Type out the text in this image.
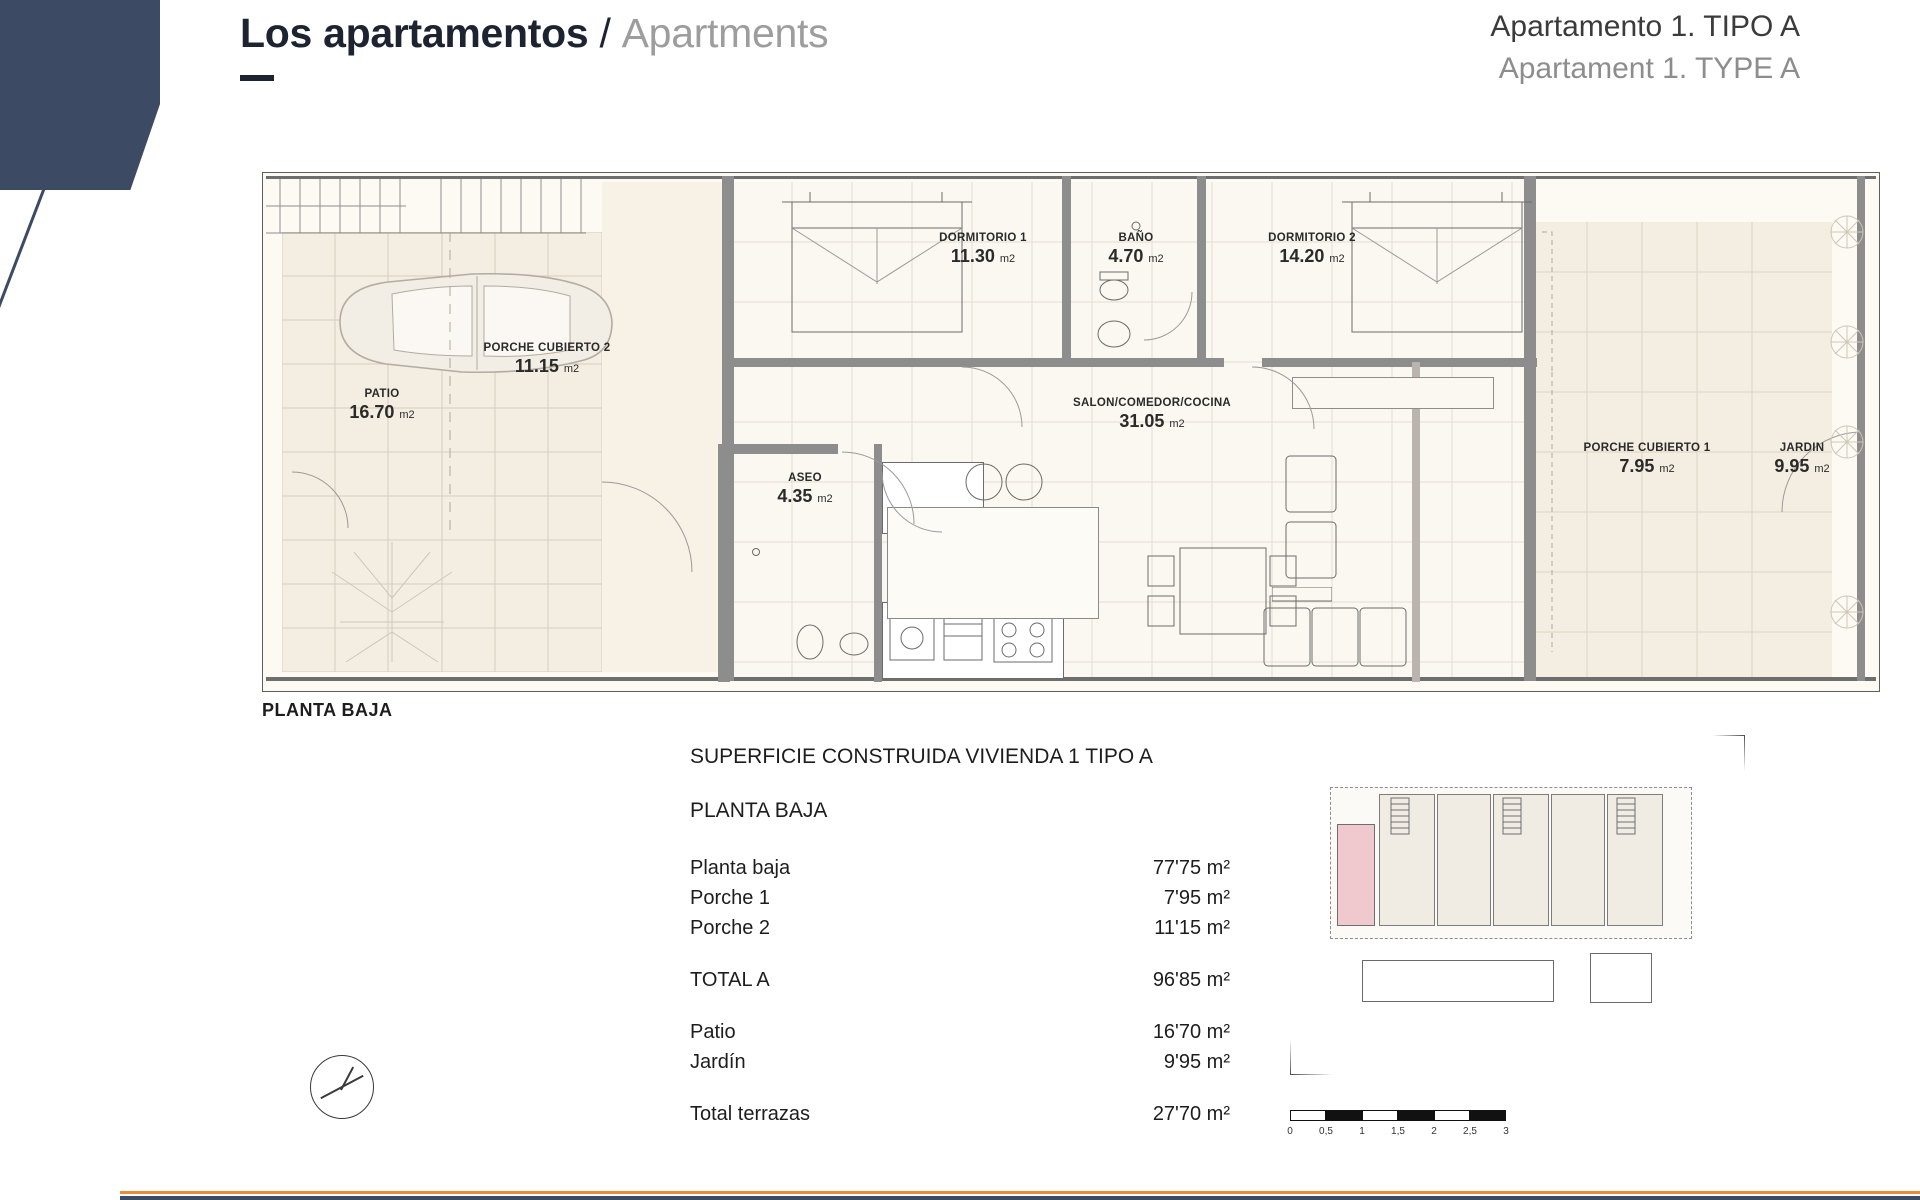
Los apartamentos / Apartments	Apartamento 1. TIPO A
Apartament 1. TYPE A
PATIO
16.70 m2
PORCHE CUBIERTO 2
11.15 m2
ASEO
4.35 m2
DORMITORIO 1
11.30 m2
BAÑO
4.70 m2
DORMITORIO 2
14.20 m2
SALON/COMEDOR/COCINA
31.05 m2
PORCHE CUBIERTO 1
7.95 m2
JARDIN
9.95 m2
PLANTA BAJA
SUPERFICIE CONSTRUIDA VIVIENDA 1 TIPO A
PLANTA BAJA
Planta baja	77'75 m²
Porche 1	7'95 m²
Porche 2	11'15 m²
TOTAL A	96'85 m²
Patio	16'70 m²
Jardín	9'95 m²
Total terrazas	27'70 m²
0	0,5	1	1,5	2	2,5	3
